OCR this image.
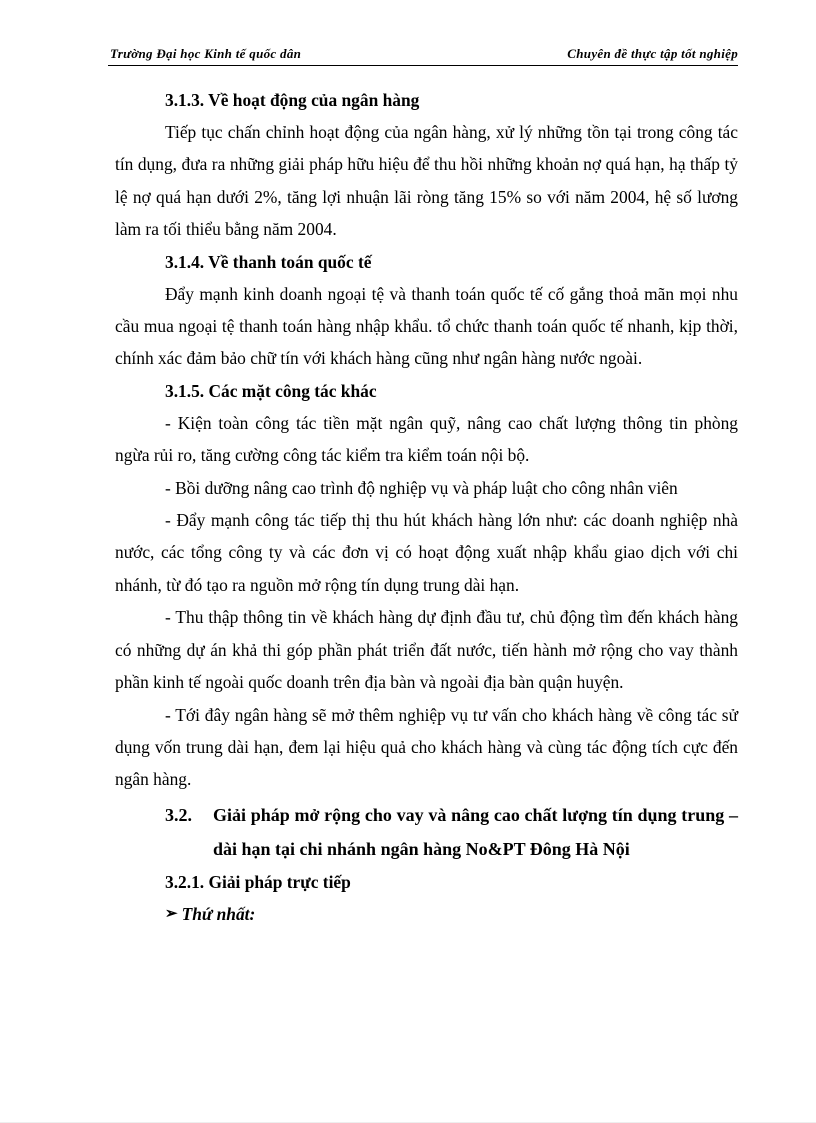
Trường Đại học Kinh tế quốc dân	Chuyên đề thực tập tốt nghiệp
3.1.3. Về hoạt động của ngân hàng

Tiếp tục chấn chỉnh hoạt động của ngân hàng, xử lý những tồn tại trong công tác tín dụng, đưa ra những giải pháp hữu hiệu để thu hồi những khoản nợ quá hạn, hạ thấp tỷ lệ nợ quá hạn dưới 2%, tăng lợi nhuận lãi ròng tăng 15% so với năm 2004, hệ số lương làm ra tối thiểu bằng năm 2004.

3.1.4. Về thanh toán quốc tế

Đẩy mạnh kinh doanh ngoại tệ và thanh toán quốc tế cố gắng thoả mãn mọi nhu cầu mua ngoại tệ thanh toán hàng nhập khẩu. tổ chức thanh toán quốc tế nhanh, kịp thời, chính xác đảm bảo chữ tín với khách hàng cũng như ngân hàng nước ngoài.

3.1.5. Các mặt công tác khác

- Kiện toàn công tác tiền mặt ngân quỹ, nâng cao chất lượng thông tin phòng ngừa rủi ro, tăng cường công tác kiểm tra kiểm toán nội bộ.

- Bồi dưỡng nâng cao trình độ nghiệp vụ và pháp luật cho công nhân viên

- Đẩy mạnh công tác tiếp thị thu hút khách hàng lớn như: các doanh nghiệp nhà nước, các tổng công ty và các đơn vị có hoạt động xuất nhập khẩu giao dịch với chi nhánh, từ đó tạo ra nguồn mở rộng tín dụng trung dài hạn.

- Thu thập thông tin về khách hàng dự định đầu tư, chủ động tìm đến khách hàng có những dự án khả thi góp phần phát triển đất nước, tiến hành mở rộng cho vay thành phần kinh tế ngoài quốc doanh trên địa bàn và ngoài địa bàn quận huyện.

- Tới đây ngân hàng sẽ mở thêm nghiệp vụ tư vấn cho khách hàng về công tác sử dụng vốn trung dài hạn, đem lại hiệu quả cho khách hàng và cùng tác động tích cực đến ngân hàng.

3.2.	Giải pháp mở rộng cho vay và nâng cao chất lượng tín dụng trung – dài hạn tại chi nhánh ngân hàng No&PT Đông Hà Nội
3.2.1. Giải pháp trực tiếp
➢ Thứ nhất:
